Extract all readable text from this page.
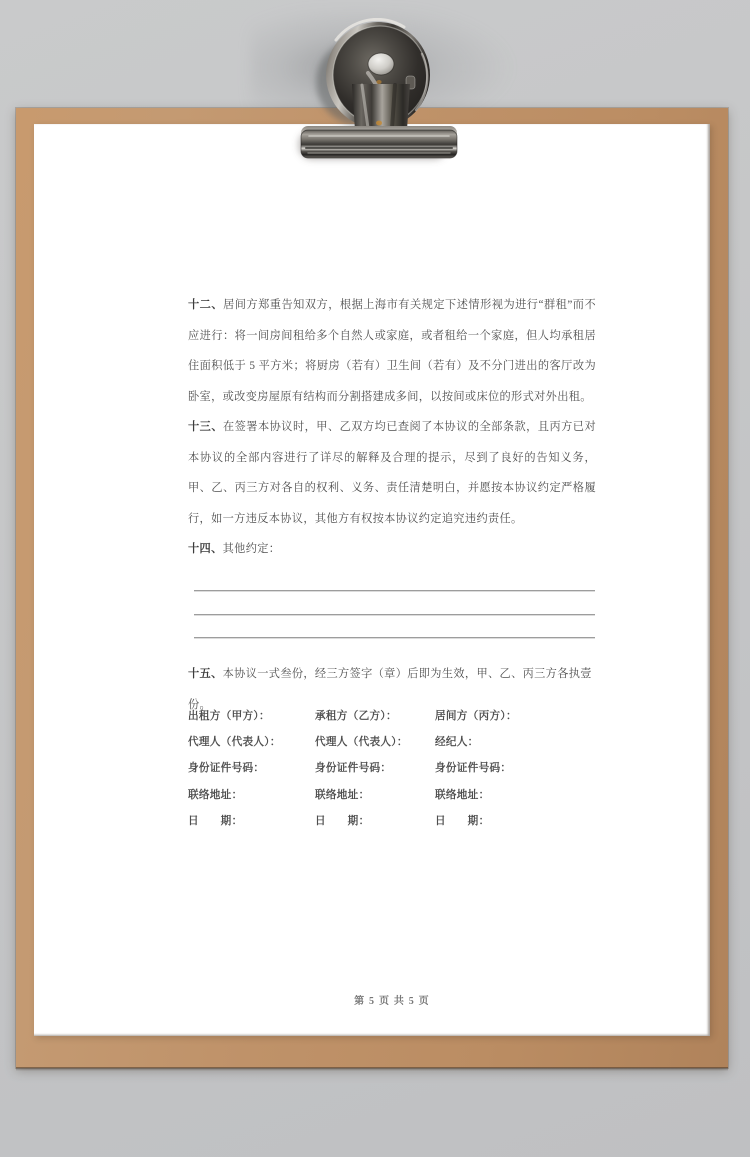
十二、居间方郑重告知双方，根据上海市有关规定下述情形视为进行“群租”而不应进行：将一间房间租给多个自然人或家庭，或者租给一个家庭，但人均承租居住面积低于 5 平方米；将厨房（若有）卫生间（若有）及不分门进出的客厅改为卧室，或改变房屋原有结构而分割搭建成多间，以按间或床位的形式对外出租。

十三、在签署本协议时，甲、乙双方均已查阅了本协议的全部条款，且丙方已对本协议的全部内容进行了详尽的解释及合理的提示，尽到了良好的告知义务，甲、乙、丙三方对各自的权利、义务、责任清楚明白，并愿按本协议约定严格履行，如一方违反本协议，其他方有权按本协议约定追究违约责任。

十四、其他约定：

十五、本协议一式叁份，经三方签字（章）后即为生效，甲、乙、丙三方各执壹份。

出租方（甲方）：	承租方（乙方）：	居间方（丙方）：
代理人（代表人）：	代理人（代表人）：	经纪人：
身份证件号码：	身份证件号码：	身份证件号码：
联络地址：	联络地址：	联络地址：
日　　期：	日　　期：	日　　期：
第 5 页 共 5 页
